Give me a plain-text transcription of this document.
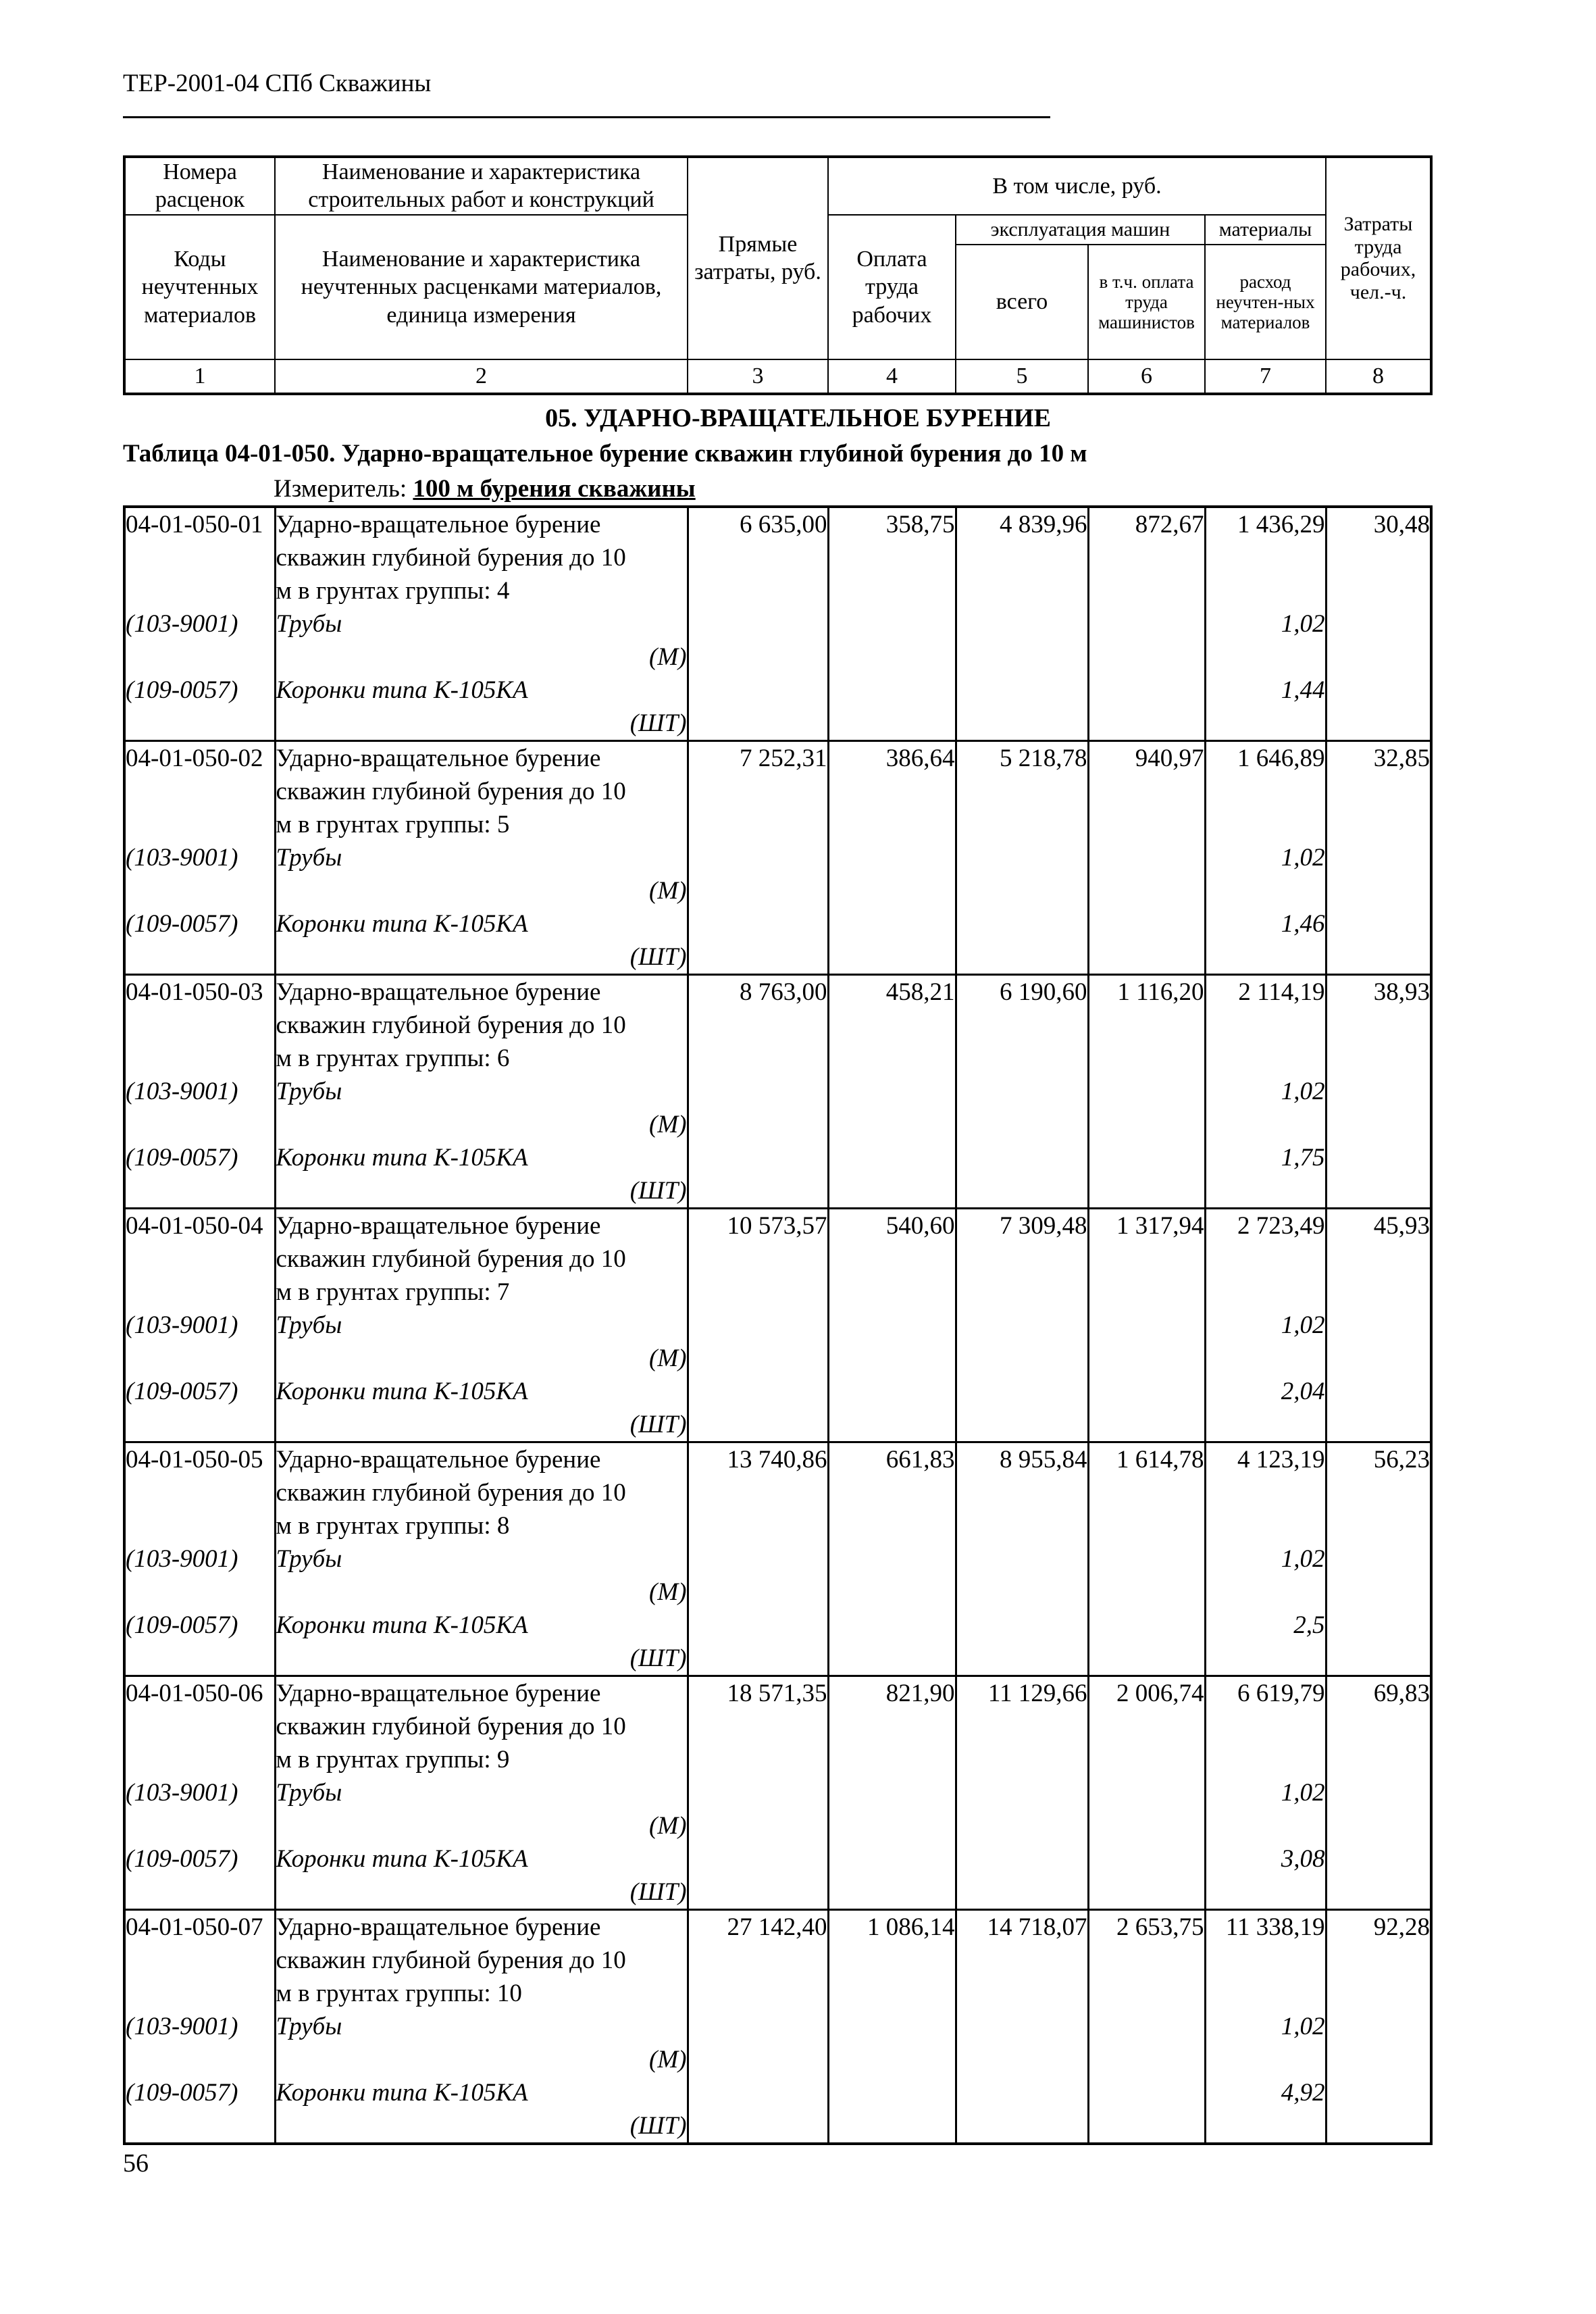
ТЕР-2001-04 СПб Скважины
Номера расценок	Наименование и характеристика строительных работ и конструкций	Прямые затраты, руб.	В том числе, руб.				Затраты труда рабочих, чел.-ч.
Коды неучтенных материалов	Наименование и характеристика неучтенных расценками материалов, единица измерения		Оплата труда рабочих	эксплуатация машин		материалы	
				всего	в т.ч. оплата труда машинистов	расход неучтен-ных материалов	
1	2	3	4	5	6	7	8
05. УДАРНО-ВРАЩАТЕЛЬНОЕ БУРЕНИЕ
Таблица 04-01-050. Ударно-вращательное бурение скважин глубиной бурения до 10 м
Измеритель: 100 м бурения скважины
04-01-050-01	Ударно-вращательное бурение	6 635,00	358,75	4 839,96	872,67	1 436,29	30,48
	скважин глубиной бурения до 10						
	м в грунтах группы: 4						
(103-9001)	Трубы					1,02	
	(М)						
(109-0057)	Коронки типа К-105КА					1,44	
	(ШТ)						
04-01-050-02	Ударно-вращательное бурение	7 252,31	386,64	5 218,78	940,97	1 646,89	32,85
	скважин глубиной бурения до 10						
	м в грунтах группы: 5						
(103-9001)	Трубы					1,02	
	(М)						
(109-0057)	Коронки типа К-105КА					1,46	
	(ШТ)						
04-01-050-03	Ударно-вращательное бурение	8 763,00	458,21	6 190,60	1 116,20	2 114,19	38,93
	скважин глубиной бурения до 10						
	м в грунтах группы: 6						
(103-9001)	Трубы					1,02	
	(М)						
(109-0057)	Коронки типа К-105КА					1,75	
	(ШТ)						
04-01-050-04	Ударно-вращательное бурение	10 573,57	540,60	7 309,48	1 317,94	2 723,49	45,93
	скважин глубиной бурения до 10						
	м в грунтах группы: 7						
(103-9001)	Трубы					1,02	
	(М)						
(109-0057)	Коронки типа К-105КА					2,04	
	(ШТ)						
04-01-050-05	Ударно-вращательное бурение	13 740,86	661,83	8 955,84	1 614,78	4 123,19	56,23
	скважин глубиной бурения до 10						
	м в грунтах группы: 8						
(103-9001)	Трубы					1,02	
	(М)						
(109-0057)	Коронки типа К-105КА					2,5	
	(ШТ)						
04-01-050-06	Ударно-вращательное бурение	18 571,35	821,90	11 129,66	2 006,74	6 619,79	69,83
	скважин глубиной бурения до 10						
	м в грунтах группы: 9						
(103-9001)	Трубы					1,02	
	(М)						
(109-0057)	Коронки типа К-105КА					3,08	
	(ШТ)						
04-01-050-07	Ударно-вращательное бурение	27 142,40	1 086,14	14 718,07	2 653,75	11 338,19	92,28
	скважин глубиной бурения до 10						
	м в грунтах группы: 10						
(103-9001)	Трубы					1,02	
	(М)						
(109-0057)	Коронки типа К-105КА					4,92	
	(ШТ)						
56
